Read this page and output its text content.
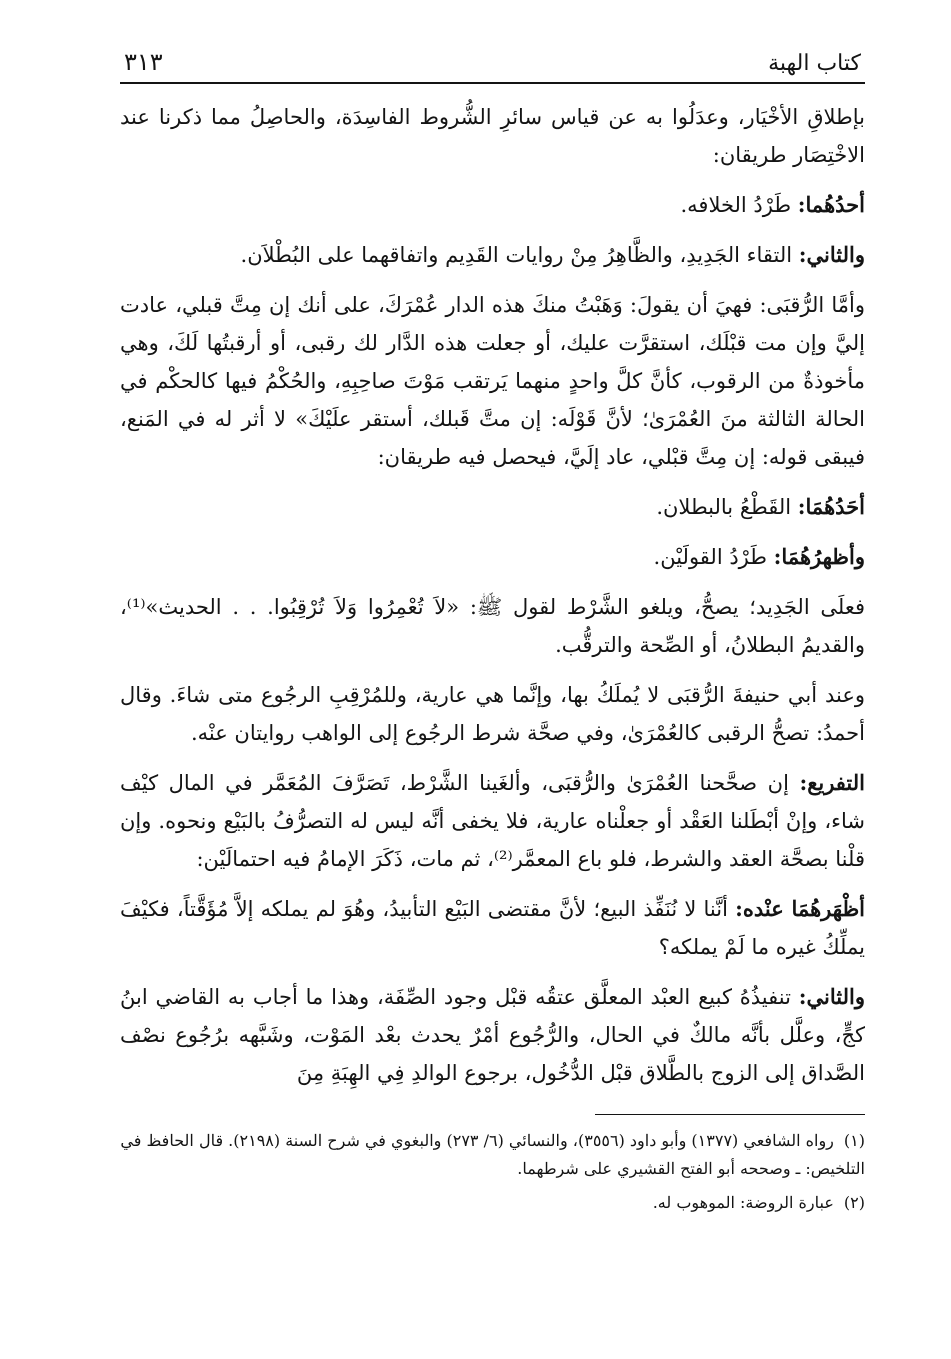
كتاب الهبة
٣١٣

بإطلاقِ الأخْيَار، وعدَلُوا به عن قياس سائرِ الشُّروط الفاسِدَة، والحاصِلُ مما ذكرنا عند الاخْتِصَار طريقان:

أحدُهُما: طَرْدُ الخلافه.

والثاني: التقاء الجَدِيدِ، والظَّاهِرُ مِنْ روايات القَدِيم واتفاقهما على البُطْلاَن.

وأمَّا الرُّقبَى: فهيَ أن يقولَ: وَهَبْتُ منكَ هذه الدار عُمْرَكَ، على أنك إن مِتَّ قبلي، عادت إليَّ وإن مت قبْلَك، استقرَّت عليك، أو جعلت هذه الدَّار لك رقبى، أو أرقبتُها لَكَ، وهي مأخوذةٌ من الرقوب، كأنَّ كلَّ واحدٍ منهما يَرتقب مَوْتَ صاحِبِهِ، والحُكْمُ فيها كالحكْم في الحالة الثالثة منَ العُمْرَىٰ؛ لأنَّ قَوْلَه: إن متَّ قَبلك، أستقر علَيْكَ» لا أثر له في المَنع، فيبقى قوله: إن مِتَّ قبْلي، عاد إلَيَّ، فيحصل فيه طريقان:

أحَدُهُمَا: القَطْعُ بالبطلان.

وأظهرُهُمَا: طَرْدُ القولَيْن.

فعلَى الجَدِيد؛ يصحُّ، ويلغو الشَّرْط لقول ﷺ: «لاَ تُعْمِرُوا وَلاَ تُرْقِبُوا. . . الحديث»⁽¹⁾، والقديمُ البطلانُ، أو الصِّحة والترقُّب.

وعند أبي حنيفةَ الرُّقبَى لا يُملَكُ بها، وإنَّما هي عارية، وللمُرْقِبِ الرجُوع متى شاءَ. وقال أحمدُ: تصحُّ الرقبى كالعُمْرَىٰ، وفي صحَّة شرط الرجُوع إلى الواهب روايتان عنْه.

التفريع: إن صحَّحنا العُمْرَىٰ والرُّقبَى، وألغَينا الشَّرْط، تَصَرَّفَ المُعَمَّر في المال كيْف شاء، وإنْ أبْطَلنا العَقْد أو جعلْناه عارية، فلا يخفى أنَّه ليس له التصرُّفُ بالبَيْع ونحوه. وإن قلْنا بصحَّة العقد والشرط، فلو باع المعمَّر⁽²⁾، ثم مات، ذَكَرَ الإمامُ فيه احتمالَيْن:

أظْهَرهُمَا عنْده: أنَّنا لا نُنَفِّذ البيع؛ لأنَّ مقتضى البَيْع التأبيدُ، وهُوَ لم يملكه إلاَّ مُؤَقَّتاً، فكيْفَ يملِّكُ غيره ما لَمْ يملكه؟

والثاني: تنفيذُهُ كبيع العبْد المعلَّق عتقُه قبْل وجود الصِّفَة، وهذا ما أجاب به القاضي ابنُ كجٍّ، وعلَّل بأنَّه مالكٌ في الحال، والرُّجُوع أمْرٌ يحدث بعْد المَوْت، وشَبَّهه برُجُوع نصْف الصَّداق إلى الزوج بالطَّلاق قبْل الدُّخُول، برجوع الوالدِ فِي الهِبَةِ مِنَ

(١)رواه الشافعي (١٣٧٧) وأبو داود (٣٥٥٦)، والنسائي (٦/ ٢٧٣) والبغوي في شرح السنة (٢١٩٨). قال الحافظ في التلخيص: ـ وصححه أبو الفتح القشيري على شرطهما.

(٢)عبارة الروضة: الموهوب له.
